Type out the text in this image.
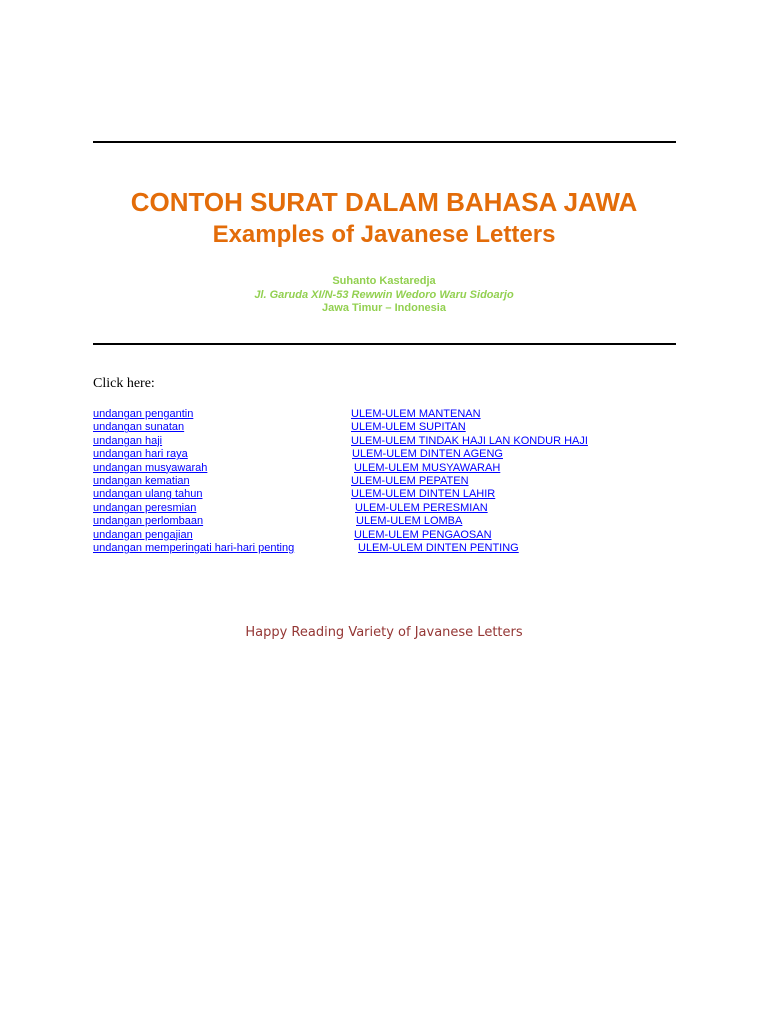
CONTOH SURAT DALAM BAHASA JAWA
Examples of Javanese Letters
Suhanto Kastaredja
Jl. Garuda XI/N-53 Rewwin Wedoro Waru Sidoarjo
Jawa Timur – Indonesia
Click here:
undangan pengantin
undangan sunatan
undangan haji
undangan hari raya
undangan musyawarah
undangan kematian
undangan ulang tahun
undangan peresmian
undangan perlombaan
undangan pengajian
undangan memperingati hari-hari penting
ULEM-ULEM MANTENAN
ULEM-ULEM SUPITAN
ULEM-ULEM TINDAK HAJI LAN KONDUR HAJI
ULEM-ULEM DINTEN AGENG
ULEM-ULEM MUSYAWARAH
ULEM-ULEM PEPATEN
ULEM-ULEM DINTEN LAHIR
ULEM-ULEM PERESMIAN
ULEM-ULEM LOMBA
ULEM-ULEM PENGAOSAN
ULEM-ULEM DINTEN PENTING
Happy Reading Variety of Javanese Letters
